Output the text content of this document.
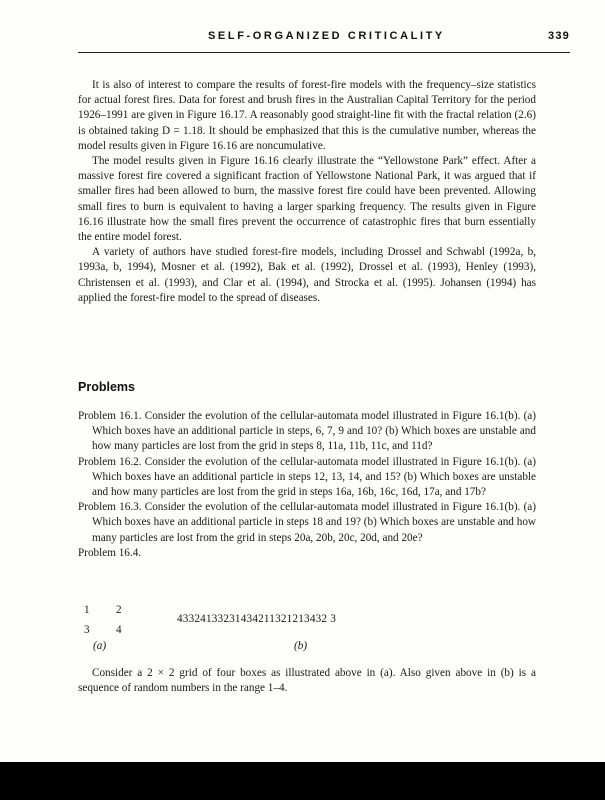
SELF-ORGANIZED CRITICALITY	339

It is also of interest to compare the results of forest-fire models with the frequency–size statistics for actual forest fires. Data for forest and brush fires in the Australian Capital Territory for the period 1926–1991 are given in Figure 16.17. A reasonably good straight-line fit with the fractal relation (2.6) is obtained taking D = 1.18. It should be emphasized that this is the cumulative number, whereas the model results given in Figure 16.16 are noncumulative.

The model results given in Figure 16.16 clearly illustrate the “Yellowstone Park” effect. After a massive forest fire covered a significant fraction of Yellowstone National Park, it was argued that if smaller fires had been allowed to burn, the massive forest fire could have been prevented. Allowing small fires to burn is equivalent to having a larger sparking frequency. The results given in Figure 16.16 illustrate how the small fires prevent the occurrence of catastrophic fires that burn essentially the entire model forest.

A variety of authors have studied forest-fire models, including Drossel and Schwabl (1992a, b, 1993a, b, 1994), Mosner et al. (1992), Bak et al. (1992), Drossel et al. (1993), Henley (1993), Christensen et al. (1993), and Clar et al. (1994), and Strocka et al. (1995). Johansen (1994) has applied the forest-fire model to the spread of diseases.

Problems

Problem 16.1. Consider the evolution of the cellular-automata model illustrated in Figure 16.1(b). (a) Which boxes have an additional particle in steps, 6, 7, 9 and 10? (b) Which boxes are unstable and how many particles are lost from the grid in steps 8, 11a, 11b, 11c, and 11d?

Problem 16.2. Consider the evolution of the cellular-automata model illustrated in Figure 16.1(b). (a) Which boxes have an additional particle in steps 12, 13, 14, and 15? (b) Which boxes are unstable and how many particles are lost from the grid in steps 16a, 16b, 16c, 16d, 17a, and 17b?

Problem 16.3. Consider the evolution of the cellular-automata model illustrated in Figure 16.1(b). (a) Which boxes have an additional particle in steps 18 and 19? (b) Which boxes are unstable and how many particles are lost from the grid in steps 20a, 20b, 20c, 20d, and 20e?

Problem 16.4.

1 2
3 4
43324133231434211321213432 3
(a)	(b)

Consider a 2 × 2 grid of four boxes as illustrated above in (a). Also given above in (b) is a sequence of random numbers in the range 1–4.
